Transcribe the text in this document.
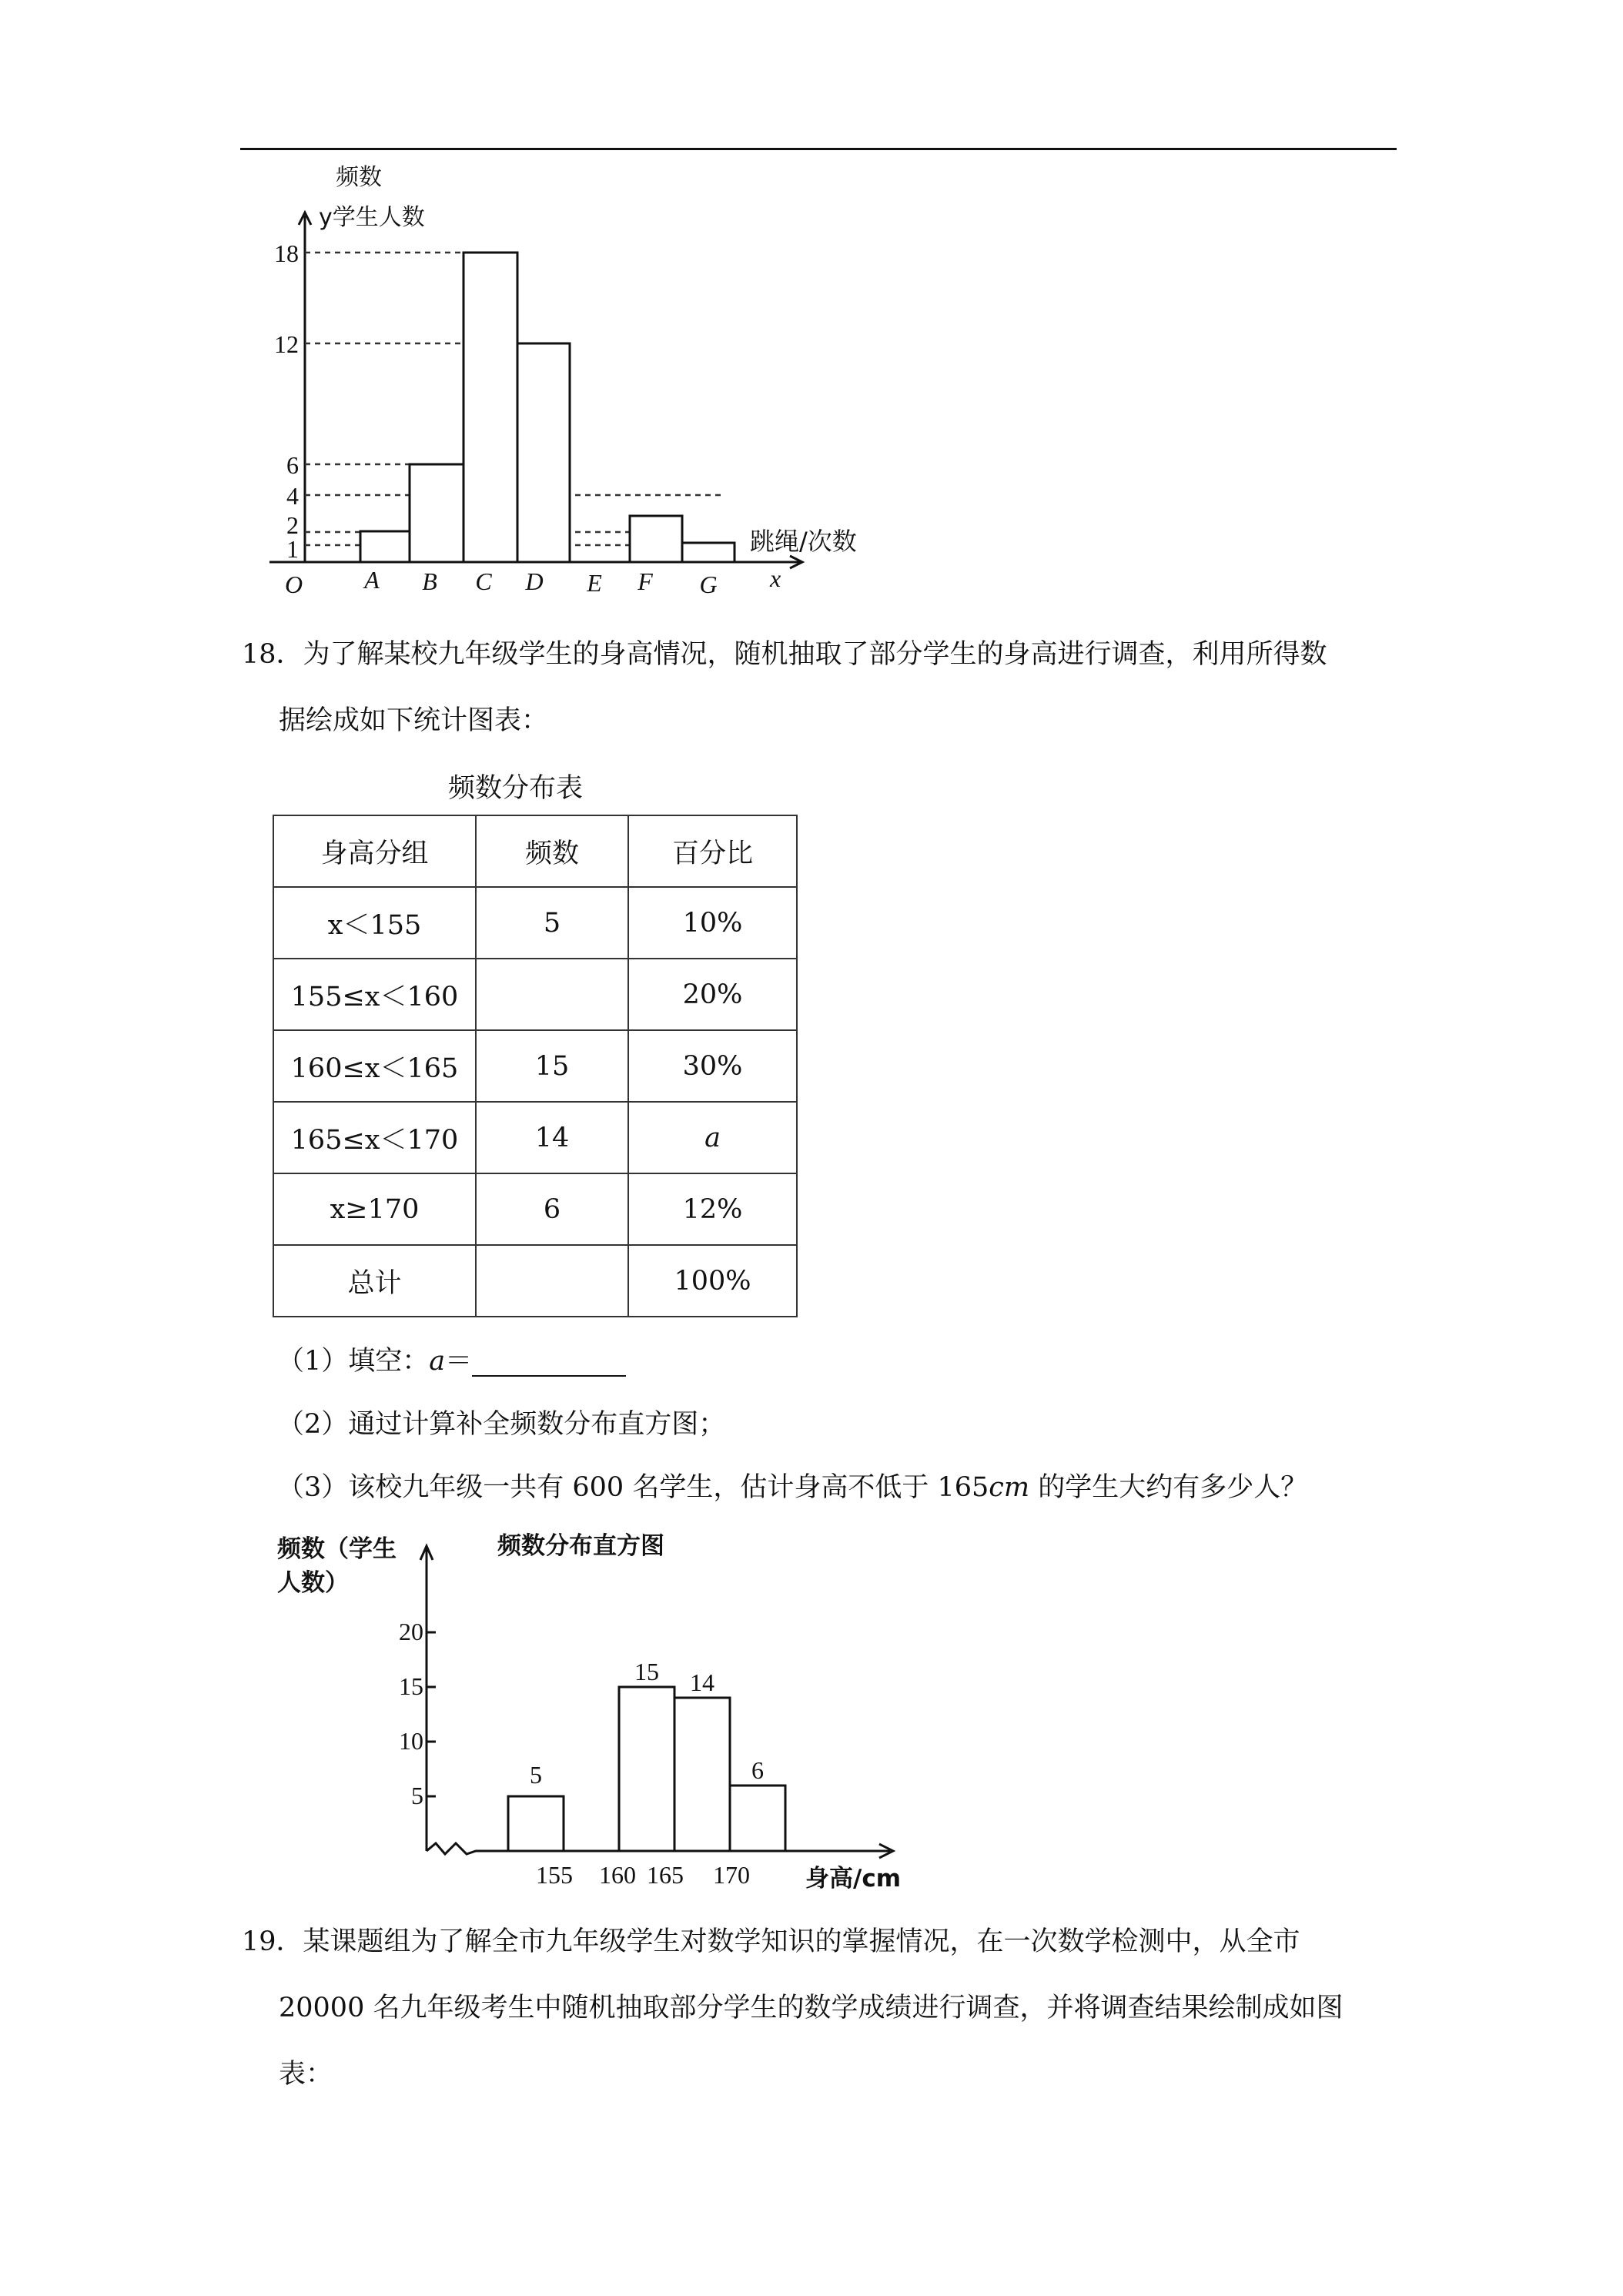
频数
y学生人数
18
12
6
4
2
1
O	A B C D E F G
跳绳/次数
x
18．为了解某校九年级学生的身高情况，随机抽取了部分学生的身高进行调查，利用所得数
据绘成如下统计图表：
频数分布表
身高分组	频数	百分比
x＜155	5	10%
155≤x＜160		20%
160≤x＜165	15	30%
165≤x＜170	14	a
x≥170	6	12%
总计		100%
（1）填空：a＝
（2）通过计算补全频数分布直方图；
（3）该校九年级一共有 600 名学生，估计身高不低于 165cm 的学生大约有多少人？
频数（学生
人数）
频数分布直方图
20
15
10
5
5
15 14
6
155 160 165 170 身高/cm
19．某课题组为了解全市九年级学生对数学知识的掌握情况，在一次数学检测中，从全市
20000 名九年级考生中随机抽取部分学生的数学成绩进行调查，并将调查结果绘制成如图
表：
